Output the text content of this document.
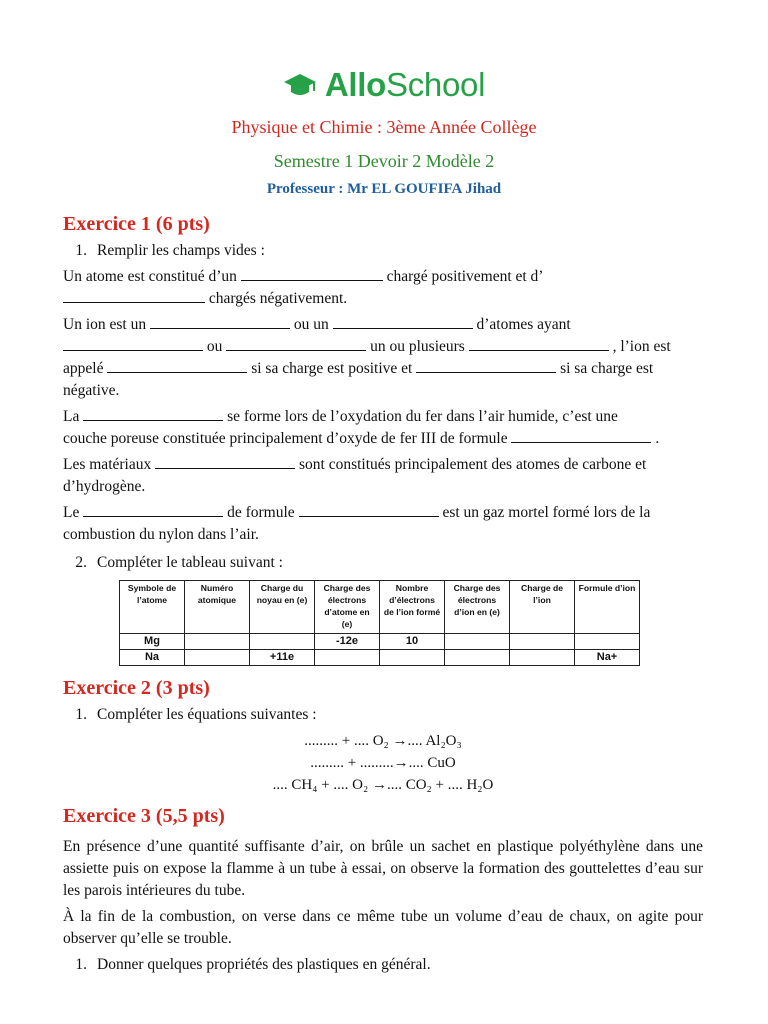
AlloSchool
Physique et Chimie : 3ème Année Collège
Semestre 1 Devoir 2 Modèle 2
Professeur : Mr EL GOUFIFA Jihad
Exercice 1 (6 pts)
1. Remplir les champs vides :

Un atome est constitué d’un	chargé positivement et d’
chargés négativement.

Un ion est un	ou un	d’atomes ayant
ou	un ou plusieurs	, l’ion est
appelé	si sa charge est positive et	si sa charge est
négative.

La	se forme lors de l’oxydation du fer dans l’air humide, c’est une
couche poreuse constituée principalement d’oxyde de fer III de formule	.

Les matériaux	sont constitués principalement des atomes de carbone et
d’hydrogène.

Le	de formule	est un gaz mortel formé lors de la
combustion du nylon dans l’air.

2. Compléter le tableau suivant :
Symbole de l’atome	Numéro atomique	Charge du noyau en (e)	Charge des électrons d’atome en (e)	Nombre d’électrons de l’ion formé	Charge des électrons d’ion en (e)	Charge de l’ion	Formule d’ion
Mg			-12e	10			
Na		+11e					Na+
Exercice 2 (3 pts)
1. Compléter les équations suivantes :
......... + .... O₂ →.... Al₂O₃
......... + .........→.... CuO
.... CH₄ + .... O₂ →.... CO₂ + .... H₂O
Exercice 3 (5,5 pts)

En présence d’une quantité suffisante d’air, on brûle un sachet en plastique polyéthylène dans une assiette puis on expose la flamme à un tube à essai, on observe la formation des gouttelettes d’eau sur les parois intérieures du tube.

À la fin de la combustion, on verse dans ce même tube un volume d’eau de chaux, on agite pour observer qu’elle se trouble.

1. Donner quelques propriétés des plastiques en général.
